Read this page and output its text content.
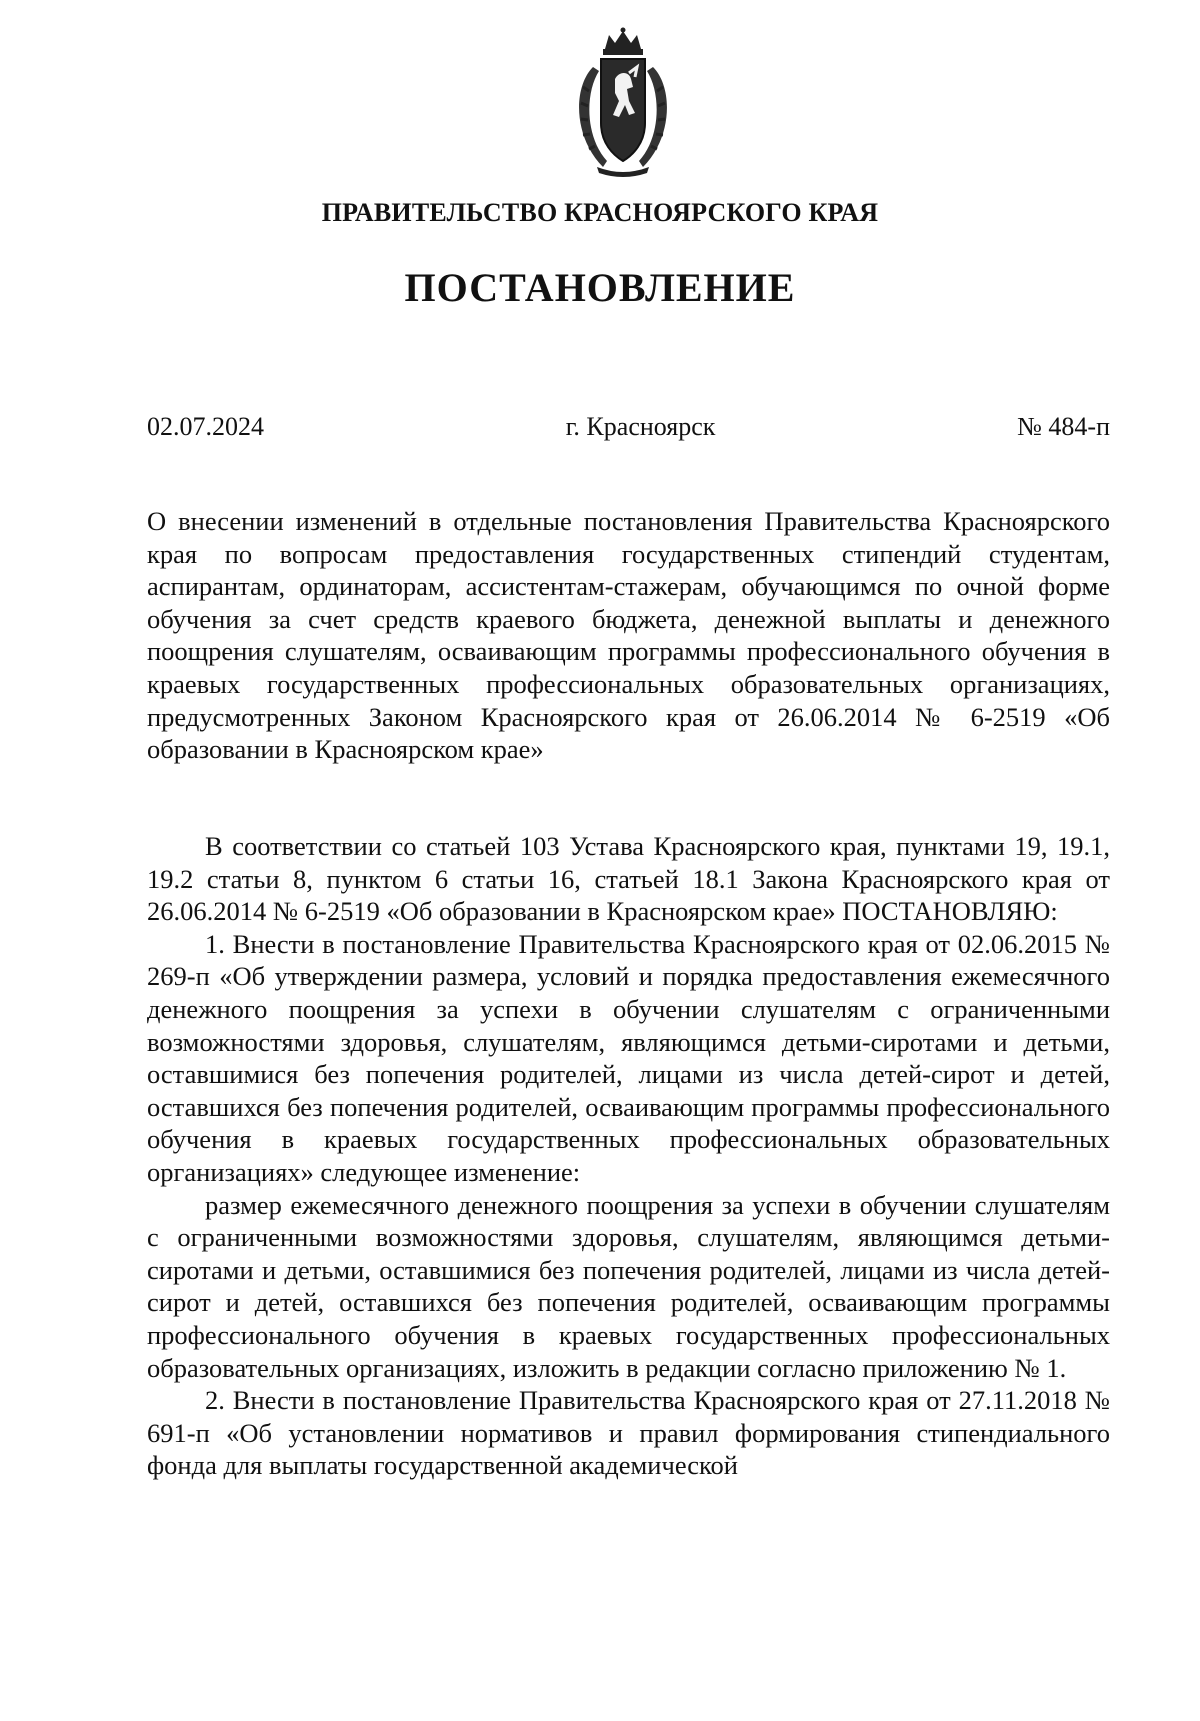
ПРАВИТЕЛЬСТВО КРАСНОЯРСКОГО КРАЯ
ПОСТАНОВЛЕНИЕ
02.07.2024	г. Красноярск	№ 484-п

О внесении изменений в отдельные постановления Правительства Красноярского края по вопросам предоставления государственных стипендий студентам, аспирантам, ординаторам, ассистентам-стажерам, обучающимся по очной форме обучения за счет средств краевого бюджета, денежной выплаты и денежного поощрения слушателям, осваивающим программы профессионального обучения в краевых государственных профессиональных образовательных организациях, предусмотренных Законом Красноярского края от 26.06.2014 № 6-2519 «Об образовании в Красноярском крае»

В соответствии со статьей 103 Устава Красноярского края, пунктами 19, 19.1, 19.2 статьи 8, пунктом 6 статьи 16, статьей 18.1 Закона Красноярского края от 26.06.2014 № 6-2519 «Об образовании в Красноярском крае» ПОСТАНОВЛЯЮ:

1. Внести в постановление Правительства Красноярского края от 02.06.2015 № 269-п «Об утверждении размера, условий и порядка предоставления ежемесячного денежного поощрения за успехи в обучении слушателям с ограниченными возможностями здоровья, слушателям, являющимся детьми-сиротами и детьми, оставшимися без попечения родителей, лицами из числа детей-сирот и детей, оставшихся без попечения родителей, осваивающим программы профессионального обучения в краевых государственных профессиональных образовательных организациях» следующее изменение:

размер ежемесячного денежного поощрения за успехи в обучении слушателям с ограниченными возможностями здоровья, слушателям, являющимся детьми-сиротами и детьми, оставшимися без попечения родителей, лицами из числа детей-сирот и детей, оставшихся без попечения родителей, осваивающим программы профессионального обучения в краевых государственных профессиональных образовательных организациях, изложить в редакции согласно приложению № 1.

2. Внести в постановление Правительства Красноярского края от 27.11.2018 № 691-п «Об установлении нормативов и правил формирования стипендиального фонда для выплаты государственной академической
